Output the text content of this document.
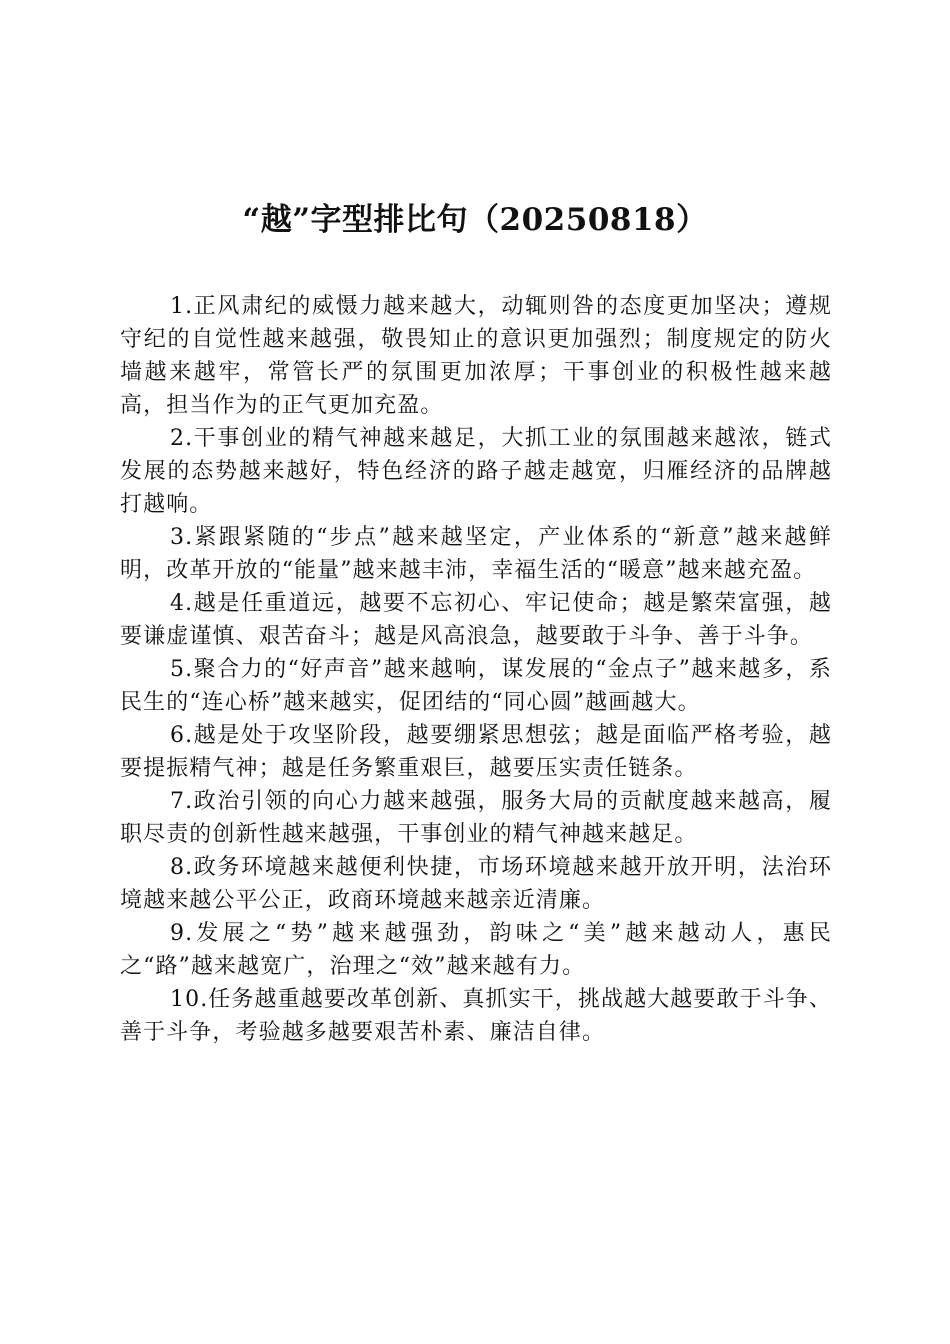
“越”字型排比句（20250818）

1.正风肃纪的威慑力越来越大，动辄则咎的态度更加坚决；遵规守纪的自觉性越来越强，敬畏知止的意识更加强烈；制度规定的防火墙越来越牢，常管长严的氛围更加浓厚；干事创业的积极性越来越高，担当作为的正气更加充盈。

2.干事创业的精气神越来越足，大抓工业的氛围越来越浓，链式发展的态势越来越好，特色经济的路子越走越宽，归雁经济的品牌越打越响。

3.紧跟紧随的“步点”越来越坚定，产业体系的“新意”越来越鲜明，改革开放的“能量”越来越丰沛，幸福生活的“暖意”越来越充盈。

4.越是任重道远，越要不忘初心、牢记使命；越是繁荣富强，越要谦虚谨慎、艰苦奋斗；越是风高浪急，越要敢于斗争、善于斗争。

5.聚合力的“好声音”越来越响，谋发展的“金点子”越来越多，系民生的“连心桥”越来越实，促团结的“同心圆”越画越大。

6.越是处于攻坚阶段，越要绷紧思想弦；越是面临严格考验，越要提振精气神；越是任务繁重艰巨，越要压实责任链条。

7.政治引领的向心力越来越强，服务大局的贡献度越来越高，履职尽责的创新性越来越强，干事创业的精气神越来越足。

8.政务环境越来越便利快捷，市场环境越来越开放开明，法治环境越来越公平公正，政商环境越来越亲近清廉。

9.发展之“势”越来越强劲，韵味之“美”越来越动人，惠民之“路”越来越宽广，治理之“效”越来越有力。

10.任务越重越要改革创新、真抓实干，挑战越大越要敢于斗争、善于斗争，考验越多越要艰苦朴素、廉洁自律。
